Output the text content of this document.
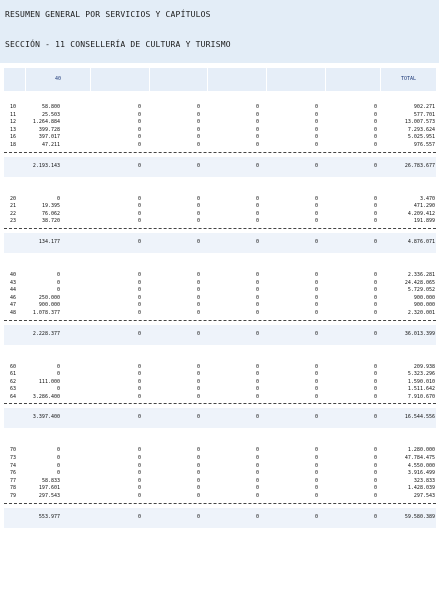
RESUMEN GENERAL POR SERVICIOS Y CAPÍTULOS
SECCIÓN - 11 CONSELLERÍA DE CULTURA Y TURISMO
40	TOTAL
10	58.800	0	0	0	0	0	902.271
11	25.503	0	0	0	0	0	577.701
12	1.264.884	0	0	0	0	0	13.007.573
13	399.728	0	0	0	0	0	7.293.624
16	397.017	0	0	0	0	0	5.025.951
18	47.211	0	0	0	0	0	976.557
2.193.143	0	0	0	0	0	26.783.677
20	0	0	0	0	0	0	3.470
21	19.395	0	0	0	0	0	471.290
22	76.062	0	0	0	0	0	4.209.412
23	38.720	0	0	0	0	0	191.899
134.177	0	0	0	0	0	4.876.071
40	0	0	0	0	0	0	2.336.281
43	0	0	0	0	0	0	24.428.065
44	0	0	0	0	0	0	5.729.052
46	250.000	0	0	0	0	0	900.000
47	900.000	0	0	0	0	0	900.000
48	1.078.377	0	0	0	0	0	2.320.001
2.228.377	0	0	0	0	0	36.013.399
60	0	0	0	0	0	0	209.938
61	0	0	0	0	0	0	5.323.296
62	111.000	0	0	0	0	0	1.590.010
63	0	0	0	0	0	0	1.511.642
64	3.286.400	0	0	0	0	0	7.910.670
3.397.400	0	0	0	0	0	16.544.556
70	0	0	0	0	0	0	1.280.000
73	0	0	0	0	0	0	47.784.475
74	0	0	0	0	0	0	4.550.000
76	0	0	0	0	0	0	3.916.499
77	58.833	0	0	0	0	0	323.833
78	197.601	0	0	0	0	0	1.428.039
79	297.543	0	0	0	0	0	297.543
553.977	0	0	0	0	0	59.580.389
